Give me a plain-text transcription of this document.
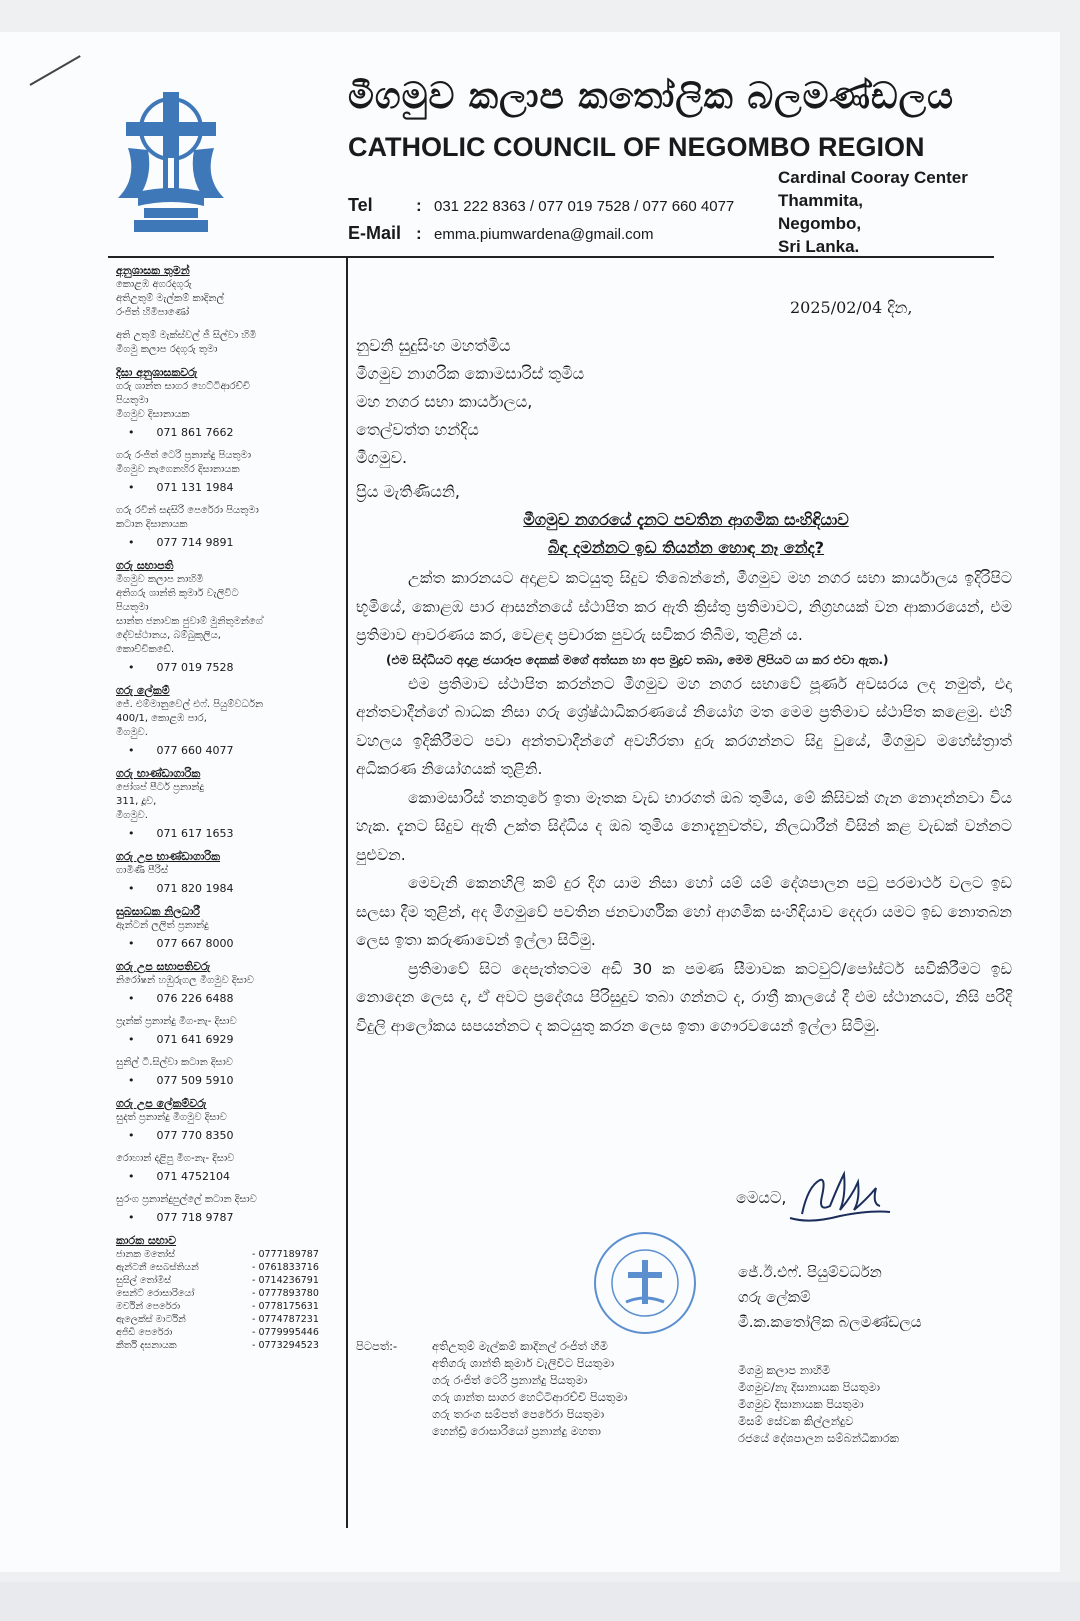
මීගමුව කලාප කතෝලික බලමණ්ඩලය
CATHOLIC COUNCIL OF NEGOMBO REGION
Tel	: 031 222 8363 / 077 019 7528 / 077 660 4077
E-Mail : emma.piumwardena@gmail.com
Cardinal Cooray Center
Thammita,
Negombo,
Sri Lanka.
අනුශාසක තුමන්
කොළඹ අගරදගුරු
අතිඋතුම් මැල්කම් කාදිනල්
රංජිත් හිමිපාණෝ
අති උතුම් මැක්ස්වල් ජී සිල්වා හිමි
මීගමු කලාප රදගුරු තුමා
දිසා අනුශාසකවරු
ගරු ශාන්ත සාගර හෙට්ටිආරච්චි
පියතුමා
මීගමුව දිසානායක
• 071 861 7662
ගරු රංජිත් ටෙරි ප්‍රනාන්දු පියතුමා
මීගමුව නැගෙනහිර දිසානායක
• 071 131 1984
ගරු රවින් සදසිරි පෙරේරා පියතුමා
කටාන දිසානායක
• 077 714 9891
ගරු සභාපති
මීගමුව කලාප නාහිමි
අතිගරු ශාන්ති කුමාර් වැලිවිට
පියතුමා
සාන්ත ජනාවක ජුවාම් මුනිතුමන්ගේ
දේවස්ථානය, බම්බුකුලිය,
කොච්චිකඩේ.
• 077 019 7528
ගරු ලේකම්
ජේ. එම්මානුවෙල් එෆ්. පියුම්වර්ධන
400/1, කොළඹ පාර,
මීගමුව.
• 077 660 4077
ගරු භාණ්ඩාගාරික
ජෝශප් පීටර් ප්‍රනාන්දු
311, දූව,
මීගමුව.
• 071 617 1653
ගරු උප භාණ්ඩාගාරික
ගාමිණී පීරිස්
• 071 820 1984
සුබසාධක නිලධාරී
ඇන්ටන් ලලිත් ප්‍රනාන්දු
• 077 667 8000
ගරු උප සභාපතිවරු
නිරෝෂන් හඹුරුගල මීගමුව දිසාව
• 076 226 6488
ප්‍රැන්ක් ප්‍රනාන්දු මීග-නැ- දිසාව
• 071 641 6929
සුනිල් ටී.සිල්වා කටාන දිසාව
• 077 509 5910
ගරු උප ලේකම්වරු
සුදත් ප්‍රනාන්දු මීගමුව දිසාව
• 077 770 8350
රොහාන් දළිපු මීග-නැ- දිසාව
• 071 4752104
සුරංග ප්‍රනාන්දුපුල්ලේ කටාන දිසාව
• 077 718 9787
කාරක සභාව
ජානක මතෝස්	- 0777189787
ඇන්ටනී සෙබස්තියන්	- 0761833716
සුසිල් තෝමිස්	- 0714236791
සෙන්ට් රොසාරියෝ	- 0777893780
මර්වින් පෙරේරා	- 0778175631
ඇලෙක්ස් මාර්ටින්	- 0774787231
අජිඩි පෙරේරා	- 0779995446
කීර්ති දසනායක	- 0773294523
2025/02/04 දින,
නුවනි සුදුසිංහ මහත්මිය
මීගමුව නාගරික කොමසාරිස් තුමිය
මහ නගර සභා කාර්යාලය,
තෙල්වත්ත හන්දිය
මීගමුව.
ප්‍රිය මැතිණියනි,
මීගමුව නගරයේ දැනට පවතින ආගමික සංහිඳියාව
බිඳ දමන්නට ඉඩ තියන්න හොඳ නෑ නේද?

උක්ත කාරනයට අදාළව කටයුතු සිදුව තිබෙන්නේ, මීගමුව මහ නගර සභා කාර්යාලය ඉදිරිපිට භූමියේ, කොළඹ පාර ආසන්නයේ ස්ථාපිත කර ඇති ක්‍රිස්තු ප්‍රතිමාවට, නිග්‍රහයක් වන ආකාරයෙන්, එම ප්‍රතිමාව ආවරණය කර, වෙළඳ ප්‍රචාරක පුවරු සවිකර තිබීම, තුළින් ය.
(එම සිද්ධියට අදාළ ජයාරූප දෙකක් මගේ අත්සන හා අප මුද්‍රව තබා, මෙම ලිපියට යා කර එවා ඇත.)

එම ප්‍රතිමාව ස්ථාපිත කරන්නට මීගමුව මහ නගර සභාවේ පූර්ණ අවසරය ලද නමුත්, එදා අන්තවාදීන්ගේ බාධක නිසා ගරු ශ්‍රේෂ්ඨාධිකරණයේ නියෝග මත මෙම ප්‍රතිමාව ස්ථාපිත කළෙමු. එහි වහලය ඉදිකිරීමට පවා අන්තවාදීන්ගේ අවහිරතා දුරු කරගන්නට සිදු වුයේ, මීගමුව මහේස්ත්‍රාත් අධිකරණ නියෝගයක් තුළිනි.

කොමසාරිස් තනතුරේ ඉතා මෑතක වැඩ භාරගත් ඔබ තුමිය, මේ කිසිවක් ගැන නොදන්නවා විය හැක. දැනට සිදුව ඇති උක්ත සිද්ධිය ද ඔබ තුමිය නොදැනුවත්ව, නිලධාරීන් විසින් කළ වැඩක් වන්නට පුළුවන.

මෙවැනි කෙනහිලි කම් දුර දිග යාම නිසා හෝ යම් යම් දේශපාලන පටු පරමාර්ථ වලට ඉඩ සලසා දීම තුළින්, අද මීගමුවේ පවතින ජනවාර්ගික හෝ ආගමික සංහිඳියාව දෙදරා යමට ඉඩ නොතබන ලෙස ඉතා කරුණාවෙන් ඉල්ලා සිටිමු.

ප්‍රතිමාවේ සිට දෙපැත්තටම අඩි 30 ක පමණ සීමාවක කටවුට්/පෝස්ටර් සවිකිරීමට ඉඩ නොදෙන ලෙස ද, ඒ අවට ප්‍රදේශය පිරිසුදුව තබා ගන්නට ද, රාත්‍රී කාලයේ දී එම ස්ථානයට, නිසි පරිදි විදුලි ආලෝකය සපයන්නට ද කටයුතු කරන ලෙස ඉතා ගෞරවයෙන් ඉල්ලා සිටිමු.

මෙයට,
ජේ.ඊ.එෆ්. පියුම්වර්ධන
ගරු ලේකම්
මී.ක.කතෝලික බලමණ්ඩලය
පිටපත්:-	අතිඋතුම් මැල්කම් කාදිනල් රංජිත් හිමි
අතිගරු ශාන්ති කුමාර් වැලිවිට පියතුමා
ගරු රංජිත් ටෙරි ප්‍රනාන්දු පියතුමා
ගරු ශාන්ත සාගර හෙට්ටිආරච්චි පියතුමා
ගරු තරංග සම්පත් පෙරේරා පියතුමා
හෙන්ඩ්‍රි රොසාරියෝ ප්‍රනාන්දු මහතා
මීගමු කලාප නාහිමි
මීගමුව/නැ දිසානායක පියතුමා
මීගමුව දිසානායක පියතුමා
මිසම් සේවක කිල්ලන්දුව
රජයේ දේශපාලන සම්බන්ධීකාරක
